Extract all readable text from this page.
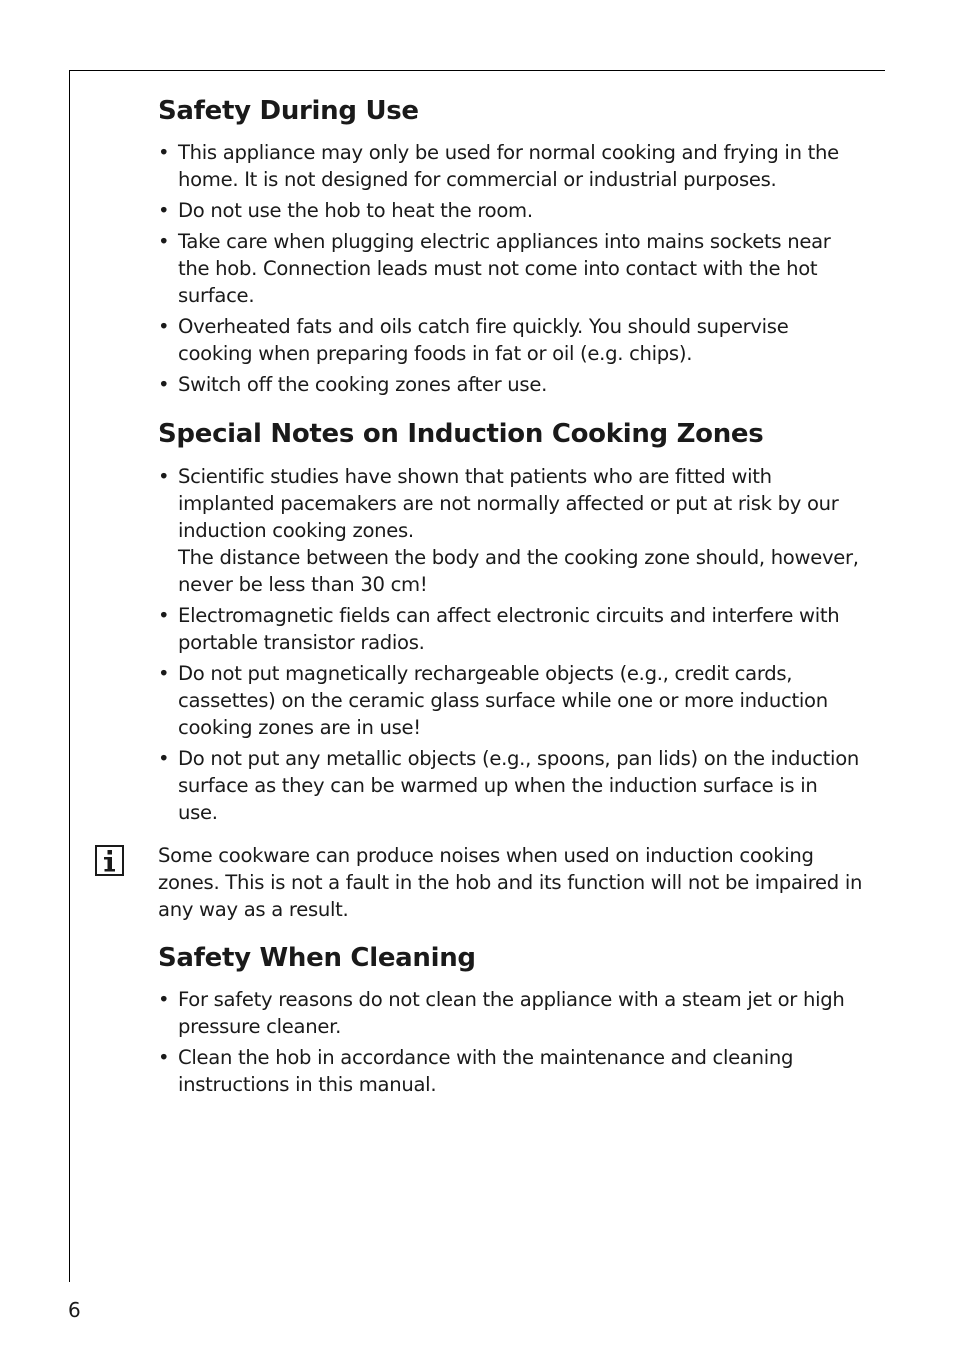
Safety During Use
• This appliance may only be used for normal cooking and frying in the home. It is not designed for commercial or industrial purposes.
• Do not use the hob to heat the room.
• Take care when plugging electric appliances into mains sockets near the hob. Connection leads must not come into contact with the hot surface.
• Overheated fats and oils catch fire quickly. You should supervise cooking when preparing foods in fat or oil (e.g. chips).
• Switch off the cooking zones after use.
Special Notes on Induction Cooking Zones
• Scientific studies have shown that patients who are fitted with implanted pacemakers are not normally affected or put at risk by our induction cooking zones.
The distance between the body and the cooking zone should, however, never be less than 30 cm!
• Electromagnetic fields can affect electronic circuits and interfere with portable transistor radios.
• Do not put magnetically rechargeable objects (e.g., credit cards, cassettes) on the ceramic glass surface while one or more induction cooking zones are in use!
• Do not put any metallic objects (e.g., spoons, pan lids) on the induction surface as they can be warmed up when the induction surface is in use.
Some cookware can produce noises when used on induction cooking zones. This is not a fault in the hob and its function will not be impaired in any way as a result.
Safety When Cleaning
• For safety reasons do not clean the appliance with a steam jet or high pressure cleaner.
• Clean the hob in accordance with the maintenance and cleaning instructions in this manual.
6
